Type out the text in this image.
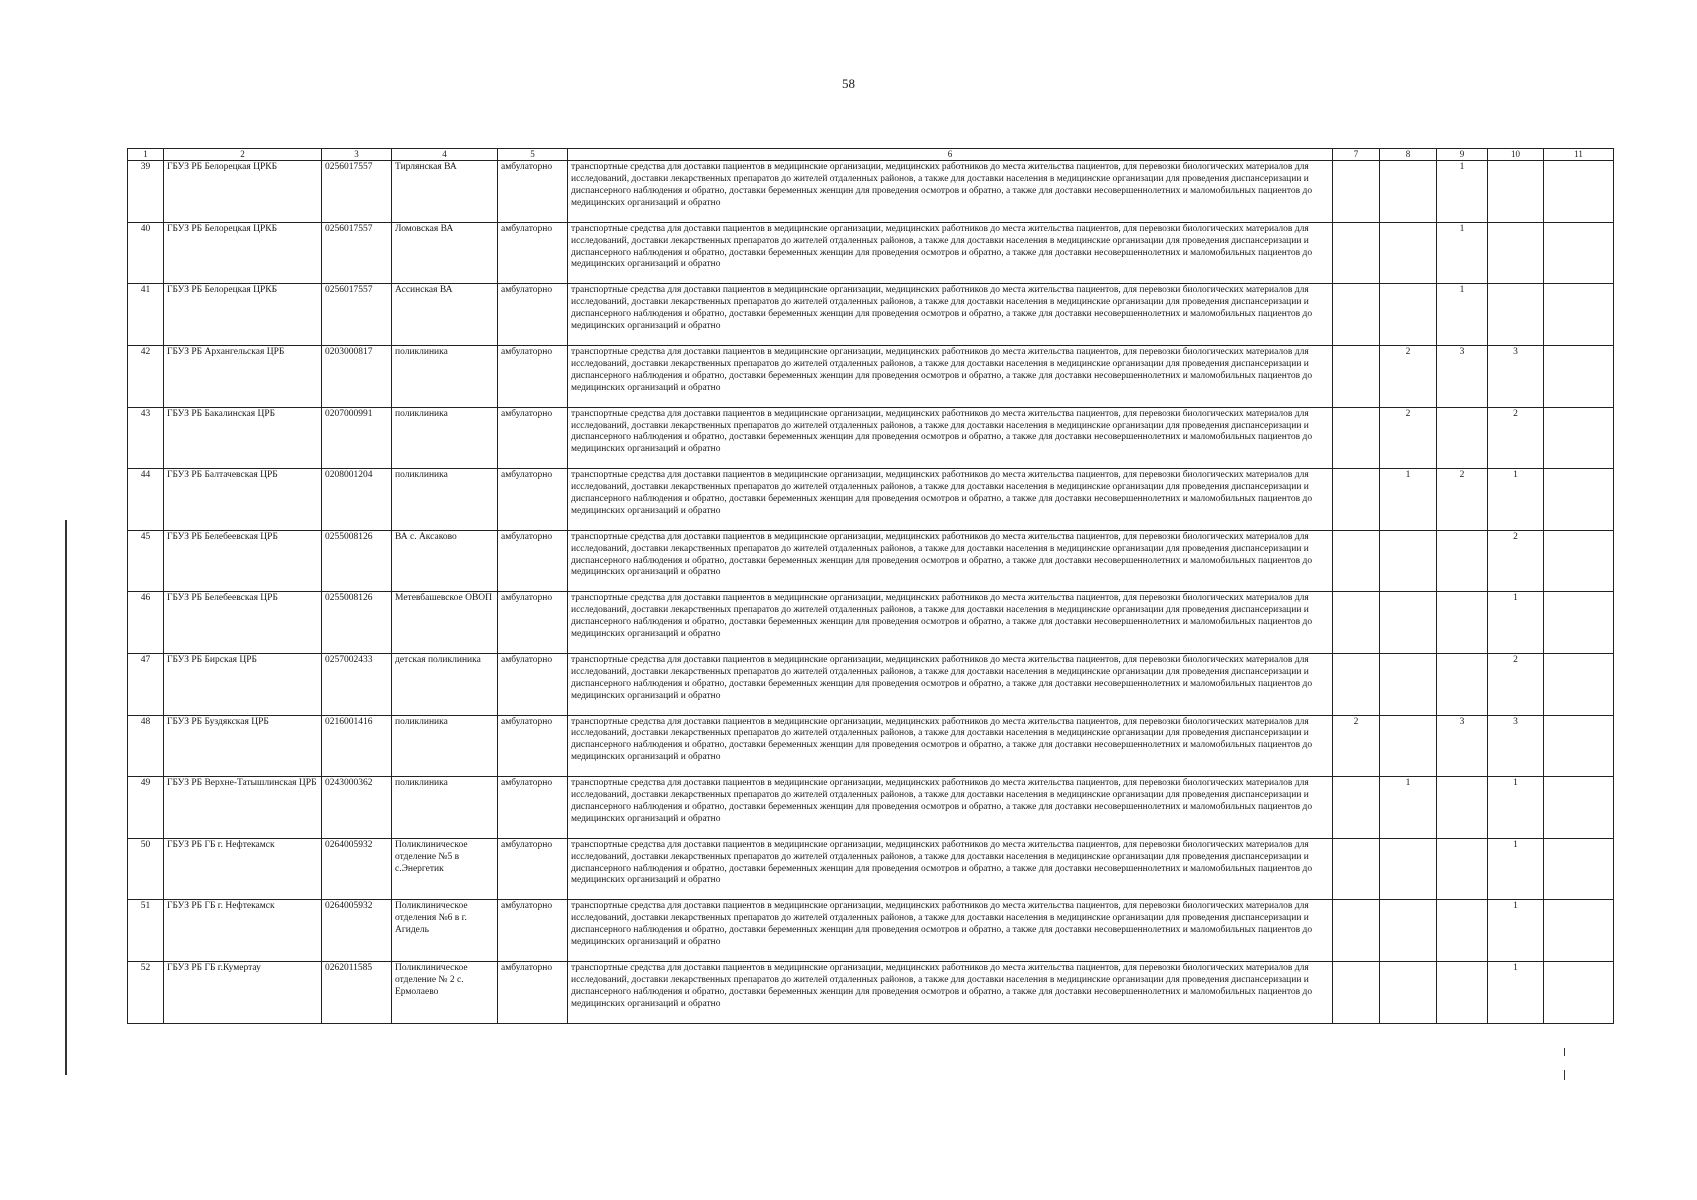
58
1	2	3	4	5	6	7	8	9	10	11
39	ГБУЗ РБ Белорецкая ЦРКБ	0256017557	Тирлянская ВА	амбулаторно	транспортные средства для доставки пациентов в медицинские организации, медицинских работников до места жительства пациентов, для перевозки биологических материалов для исследований, доставки лекарственных препаратов до жителей отдаленных районов, а также для доставки населения в медицинские организации для проведения диспансеризации и диспансерного наблюдения и обратно, доставки беременных женщин для проведения осмотров и обратно, а также для доставки несовершеннолетних и маломобильных пациентов до медицинских организаций и обратно			1		
40	ГБУЗ РБ Белорецкая ЦРКБ	0256017557	Ломовская ВА	амбулаторно	транспортные средства для доставки пациентов в медицинские организации, медицинских работников до места жительства пациентов, для перевозки биологических материалов для исследований, доставки лекарственных препаратов до жителей отдаленных районов, а также для доставки населения в медицинские организации для проведения диспансеризации и диспансерного наблюдения и обратно, доставки беременных женщин для проведения осмотров и обратно, а также для доставки несовершеннолетних и маломобильных пациентов до медицинских организаций и обратно			1		
41	ГБУЗ РБ Белорецкая ЦРКБ	0256017557	Ассинская ВА	амбулаторно	транспортные средства для доставки пациентов в медицинские организации, медицинских работников до места жительства пациентов, для перевозки биологических материалов для исследований, доставки лекарственных препаратов до жителей отдаленных районов, а также для доставки населения в медицинские организации для проведения диспансеризации и диспансерного наблюдения и обратно, доставки беременных женщин для проведения осмотров и обратно, а также для доставки несовершеннолетних и маломобильных пациентов до медицинских организаций и обратно			1		
42	ГБУЗ РБ Архангельская ЦРБ	0203000817	поликлиника	амбулаторно	транспортные средства для доставки пациентов в медицинские организации, медицинских работников до места жительства пациентов, для перевозки биологических материалов для исследований, доставки лекарственных препаратов до жителей отдаленных районов, а также для доставки населения в медицинские организации для проведения диспансеризации и диспансерного наблюдения и обратно, доставки беременных женщин для проведения осмотров и обратно, а также для доставки несовершеннолетних и маломобильных пациентов до медицинских организаций и обратно		2	3	3	
43	ГБУЗ РБ Бакалинская ЦРБ	0207000991	поликлиника	амбулаторно	транспортные средства для доставки пациентов в медицинские организации, медицинских работников до места жительства пациентов, для перевозки биологических материалов для исследований, доставки лекарственных препаратов до жителей отдаленных районов, а также для доставки населения в медицинские организации для проведения диспансеризации и диспансерного наблюдения и обратно, доставки беременных женщин для проведения осмотров и обратно, а также для доставки несовершеннолетних и маломобильных пациентов до медицинских организаций и обратно		2		2	
44	ГБУЗ РБ Балтачевская ЦРБ	0208001204	поликлиника	амбулаторно	транспортные средства для доставки пациентов в медицинские организации, медицинских работников до места жительства пациентов, для перевозки биологических материалов для исследований, доставки лекарственных препаратов до жителей отдаленных районов, а также для доставки населения в медицинские организации для проведения диспансеризации и диспансерного наблюдения и обратно, доставки беременных женщин для проведения осмотров и обратно, а также для доставки несовершеннолетних и маломобильных пациентов до медицинских организаций и обратно		1	2	1	
45	ГБУЗ РБ Белебеевская ЦРБ	0255008126	ВА с. Аксаково	амбулаторно	транспортные средства для доставки пациентов в медицинские организации, медицинских работников до места жительства пациентов, для перевозки биологических материалов для исследований, доставки лекарственных препаратов до жителей отдаленных районов, а также для доставки населения в медицинские организации для проведения диспансеризации и диспансерного наблюдения и обратно, доставки беременных женщин для проведения осмотров и обратно, а также для доставки несовершеннолетних и маломобильных пациентов до медицинских организаций и обратно				2	
46	ГБУЗ РБ Белебеевская ЦРБ	0255008126	Метевбашевское ОВОП	амбулаторно	транспортные средства для доставки пациентов в медицинские организации, медицинских работников до места жительства пациентов, для перевозки биологических материалов для исследований, доставки лекарственных препаратов до жителей отдаленных районов, а также для доставки населения в медицинские организации для проведения диспансеризации и диспансерного наблюдения и обратно, доставки беременных женщин для проведения осмотров и обратно, а также для доставки несовершеннолетних и маломобильных пациентов до медицинских организаций и обратно				1	
47	ГБУЗ РБ Бирская ЦРБ	0257002433	детская поликлиника	амбулаторно	транспортные средства для доставки пациентов в медицинские организации, медицинских работников до места жительства пациентов, для перевозки биологических материалов для исследований, доставки лекарственных препаратов до жителей отдаленных районов, а также для доставки населения в медицинские организации для проведения диспансеризации и диспансерного наблюдения и обратно, доставки беременных женщин для проведения осмотров и обратно, а также для доставки несовершеннолетних и маломобильных пациентов до медицинских организаций и обратно				2	
48	ГБУЗ РБ Буздякская ЦРБ	0216001416	поликлиника	амбулаторно	транспортные средства для доставки пациентов в медицинские организации, медицинских работников до места жительства пациентов, для перевозки биологических материалов для исследований, доставки лекарственных препаратов до жителей отдаленных районов, а также для доставки населения в медицинские организации для проведения диспансеризации и диспансерного наблюдения и обратно, доставки беременных женщин для проведения осмотров и обратно, а также для доставки несовершеннолетних и маломобильных пациентов до медицинских организаций и обратно	2		3	3	
49	ГБУЗ РБ Верхне-Татышлинская ЦРБ	0243000362	поликлиника	амбулаторно	транспортные средства для доставки пациентов в медицинские организации, медицинских работников до места жительства пациентов, для перевозки биологических материалов для исследований, доставки лекарственных препаратов до жителей отдаленных районов, а также для доставки населения в медицинские организации для проведения диспансеризации и диспансерного наблюдения и обратно, доставки беременных женщин для проведения осмотров и обратно, а также для доставки несовершеннолетних и маломобильных пациентов до медицинских организаций и обратно		1		1	
50	ГБУЗ РБ ГБ г. Нефтекамск	0264005932	Поликлиническое отделение №5 в с.Энергетик	амбулаторно	транспортные средства для доставки пациентов в медицинские организации, медицинских работников до места жительства пациентов, для перевозки биологических материалов для исследований, доставки лекарственных препаратов до жителей отдаленных районов, а также для доставки населения в медицинские организации для проведения диспансеризации и диспансерного наблюдения и обратно, доставки беременных женщин для проведения осмотров и обратно, а также для доставки несовершеннолетних и маломобильных пациентов до медицинских организаций и обратно				1	
51	ГБУЗ РБ ГБ г. Нефтекамск	0264005932	Поликлиническое отделения №6 в г. Агидель	амбулаторно	транспортные средства для доставки пациентов в медицинские организации, медицинских работников до места жительства пациентов, для перевозки биологических материалов для исследований, доставки лекарственных препаратов до жителей отдаленных районов, а также для доставки населения в медицинские организации для проведения диспансеризации и диспансерного наблюдения и обратно, доставки беременных женщин для проведения осмотров и обратно, а также для доставки несовершеннолетних и маломобильных пациентов до медицинских организаций и обратно				1	
52	ГБУЗ РБ ГБ г.Кумертау	0262011585	Поликлиническое отделение № 2 с. Ермолаево	амбулаторно	транспортные средства для доставки пациентов в медицинские организации, медицинских работников до места жительства пациентов, для перевозки биологических материалов для исследований, доставки лекарственных препаратов до жителей отдаленных районов, а также для доставки населения в медицинские организации для проведения диспансеризации и диспансерного наблюдения и обратно, доставки беременных женщин для проведения осмотров и обратно, а также для доставки несовершеннолетних и маломобильных пациентов до медицинских организаций и обратно				1	
